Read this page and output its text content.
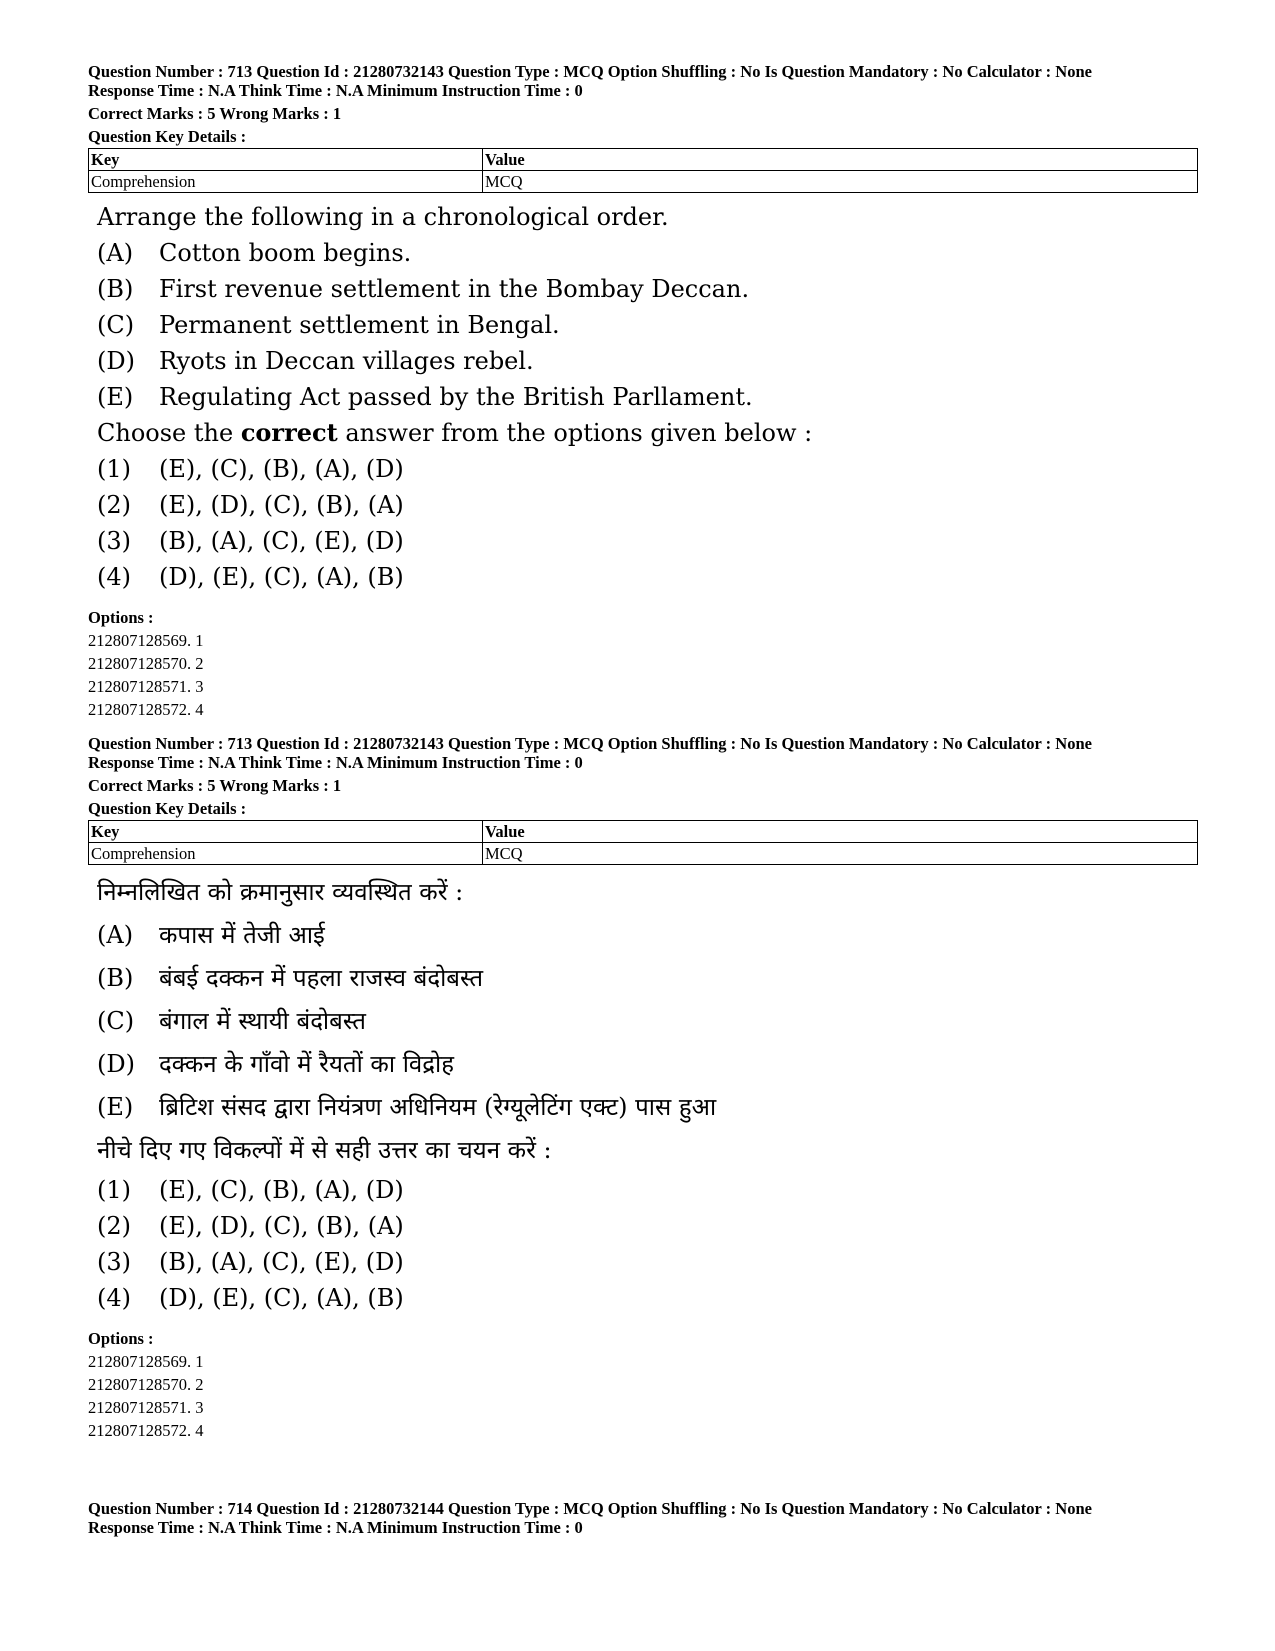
Question Number : 713 Question Id : 21280732143 Question Type : MCQ Option Shuffling : No Is Question Mandatory : No Calculator : None

Response Time : N.A Think Time : N.A Minimum Instruction Time : 0

Correct Marks : 5 Wrong Marks : 1

Question Key Details :

Key	Value
Comprehension	MCQ
Arrange the following in a chronological order.
(A)	Cotton boom begins.
(B)	First revenue settlement in the Bombay Deccan.
(C)	Permanent settlement in Bengal.
(D)	Ryots in Deccan villages rebel.
(E)	Regulating Act passed by the British Parllament.
Choose the correct answer from the options given below :
(1)	(E), (C), (B), (A), (D)
(2)	(E), (D), (C), (B), (A)
(3)	(B), (A), (C), (E), (D)
(4)	(D), (E), (C), (A), (B)
Options :
212807128569. 1
212807128570. 2
212807128571. 3
212807128572. 4

Question Number : 713 Question Id : 21280732143 Question Type : MCQ Option Shuffling : No Is Question Mandatory : No Calculator : None

Response Time : N.A Think Time : N.A Minimum Instruction Time : 0

Correct Marks : 5 Wrong Marks : 1

Question Key Details :

Key	Value
Comprehension	MCQ
निम्नलिखित को क्रमानुसार व्यवस्थित करें :
(A)	कपास में तेजी आई
(B)	बंबई दक्कन में पहला राजस्व बंदोबस्त
(C)	बंगाल में स्थायी बंदोबस्त
(D)	दक्कन के गाँवो में रैयतों का विद्रोह
(E)	ब्रिटिश संसद द्वारा नियंत्रण अधिनियम (रेग्यूलेटिंग एक्ट) पास हुआ
नीचे दिए गए विकल्पों में से सही उत्तर का चयन करें :
(1)	(E), (C), (B), (A), (D)
(2)	(E), (D), (C), (B), (A)
(3)	(B), (A), (C), (E), (D)
(4)	(D), (E), (C), (A), (B)
Options :
212807128569. 1
212807128570. 2
212807128571. 3
212807128572. 4

Question Number : 714 Question Id : 21280732144 Question Type : MCQ Option Shuffling : No Is Question Mandatory : No Calculator : None

Response Time : N.A Think Time : N.A Minimum Instruction Time : 0
